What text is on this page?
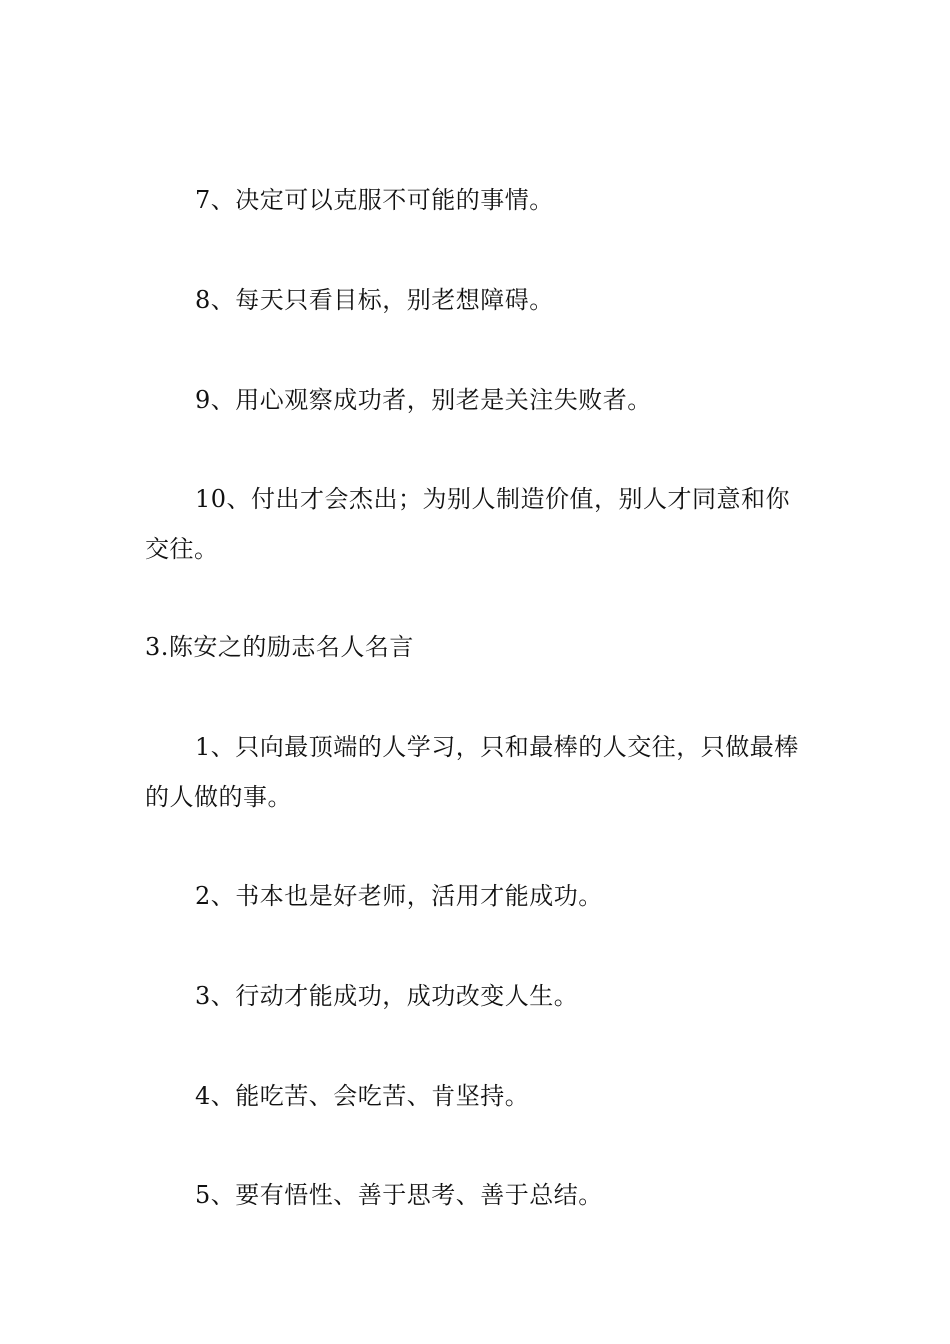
7、决定可以克服不可能的事情。

8、每天只看目标，别老想障碍。

9、用心观察成功者，别老是关注失败者。

10、付出才会杰出；为别人制造价值，别人才同意和你交往。

3.陈安之的励志名人名言

1、只向最顶端的人学习，只和最棒的人交往，只做最棒的人做的事。

2、书本也是好老师，活用才能成功。

3、行动才能成功，成功改变人生。

4、能吃苦、会吃苦、肯坚持。

5、要有悟性、善于思考、善于总结。
